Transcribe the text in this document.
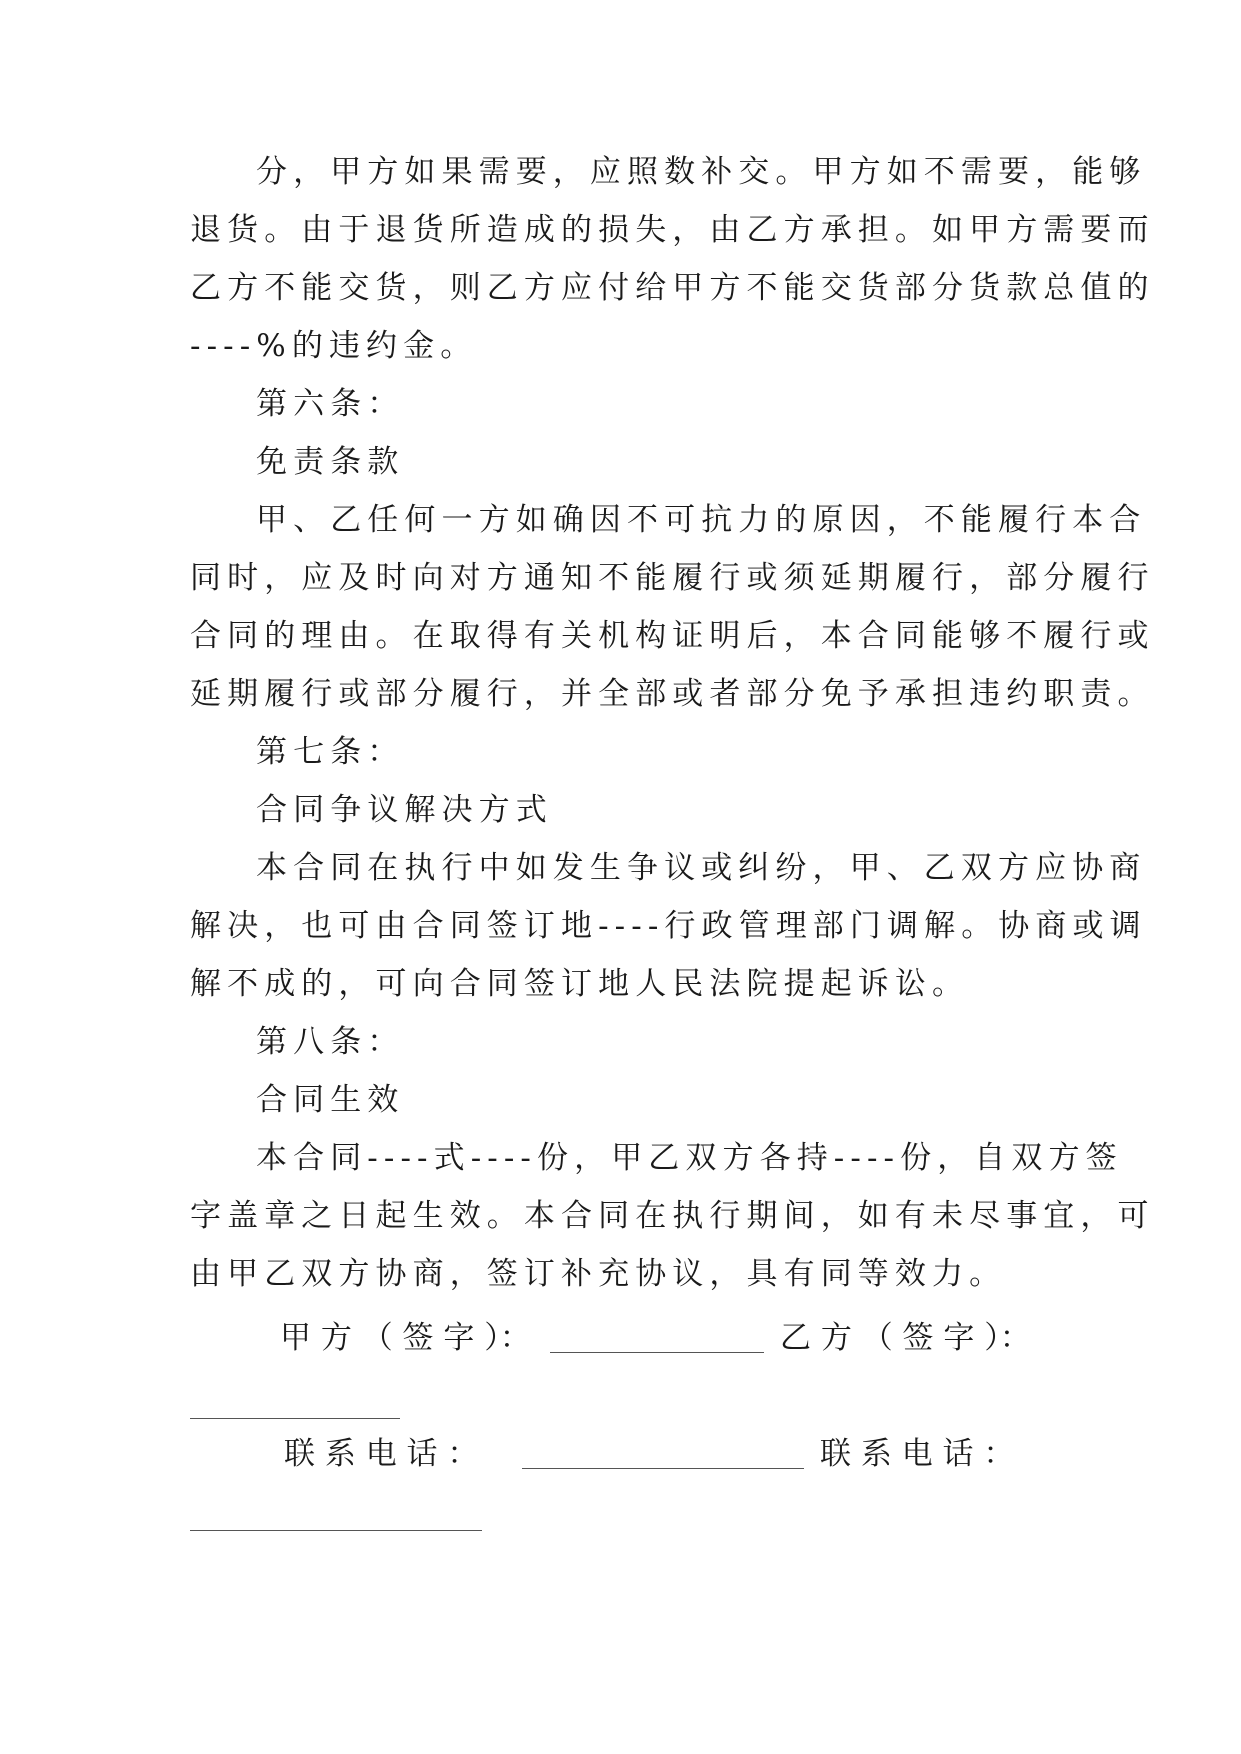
分，甲方如果需要，应照数补交。甲方如不需要，能够
退货。由于退货所造成的损失，由乙方承担。如甲方需要而
乙方不能交货，则乙方应付给甲方不能交货部分货款总值的
----%的违约金。
第六条：
免责条款
甲、乙任何一方如确因不可抗力的原因，不能履行本合
同时，应及时向对方通知不能履行或须延期履行，部分履行
合同的理由。在取得有关机构证明后，本合同能够不履行或
延期履行或部分履行，并全部或者部分免予承担违约职责。
第七条：
合同争议解决方式
本合同在执行中如发生争议或纠纷，甲、乙双方应协商
解决，也可由合同签订地----行政管理部门调解。协商或调
解不成的，可向合同签订地人民法院提起诉讼。
第八条：
合同生效
本合同----式----份，甲乙双方各持----份，自双方签
字盖章之日起生效。本合同在执行期间，如有未尽事宜，可
由甲乙双方协商，签订补充协议，具有同等效力。
甲 方 （ 签 字 ）：	乙 方 （ 签 字 ）：
联 系 电 话 ：	联 系 电 话 ：
